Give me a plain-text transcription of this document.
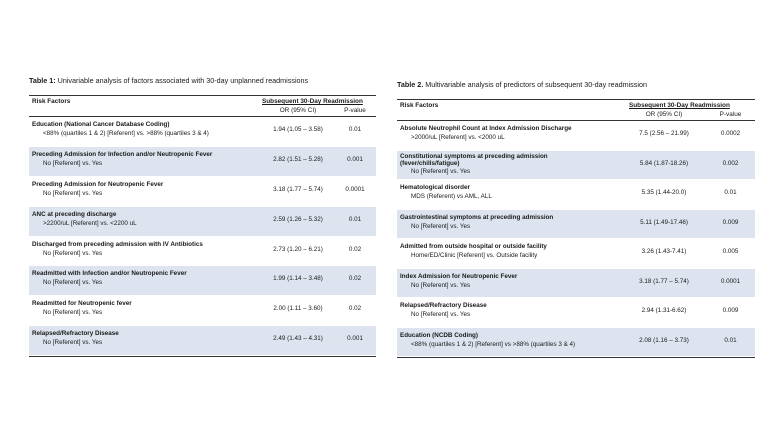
Table 1: Univariable analysis of factors associated with 30-day unplanned readmissions
Risk Factors	Subsequent 30-Day Readmission
OR (95% CI)	P-value
Education (National Cancer Database Coding)
<88% (quartiles 1 & 2) [Referent] vs. >88% (quartiles 3 & 4)
1.94 (1.05 – 3.58)	0.01
Preceding Admission for Infection and/or Neutropenic Fever
No [Referent] vs. Yes
2.82 (1.51 – 5.28)	0.001
Preceding Admission for Neutropenic Fever
No [Referent] vs. Yes
3.18 (1.77 – 5.74)	0.0001
ANC at preceding discharge
>2200/uL [Referent] vs. <2200 uL
2.59 (1.26 – 5.32)	0.01
Discharged from preceding admission with IV Antibiotics
No [Referent] vs. Yes
2.73 (1.20 – 6.21)	0.02
Readmitted with Infection and/or Neutropenic Fever
No [Referent] vs. Yes
1.99 (1.14 – 3.48)	0.02
Readmitted for Neutropenic fever
No [Referent] vs. Yes
2.00 (1.11 – 3.60)	0.02
Relapsed/Refractory Disease
No [Referent] vs. Yes
2.49 (1.43 – 4.31)	0.001
Table 2. Multivariable analysis of predictors of subsequent 30-day readmission
Risk Factors	Subsequent 30-Day Readmission
OR (95% CI)	P-value
Absolute Neutrophil Count at Index Admission Discharge
>2000/uL [Referent] vs. <2000 uL
7.5 (2.56 – 21.99)	0.0002
Constitutional symptoms at preceding admission
(fever/chills/fatigue)
No [Referent] vs. Yes
5.84 (1.87-18.26)	0.002
Hematological disorder
MDS (Referent) vs AML, ALL
5.35 (1.44-20.0)	0.01
Gastrointestinal symptoms at preceding admission
No [Referent] vs. Yes
5.11 (1.49-17.46)	0.009
Admitted from outside hospital or outside facility
Home/ED/Clinic [Referent] vs. Outside facility
3.26 (1.43-7.41)	0.005
Index Admission for Neutropenic Fever
No [Referent] vs. Yes
3.18 (1.77 – 5.74)	0.0001
Relapsed/Refractory Disease
No [Referent] vs. Yes
2.94 (1.31-6.62)	0.009
Education (NCDB Coding)
<88% (quartiles 1 & 2) [Referent] vs >88% (quartiles 3 & 4)
2.08 (1.16 – 3.73)	0.01
